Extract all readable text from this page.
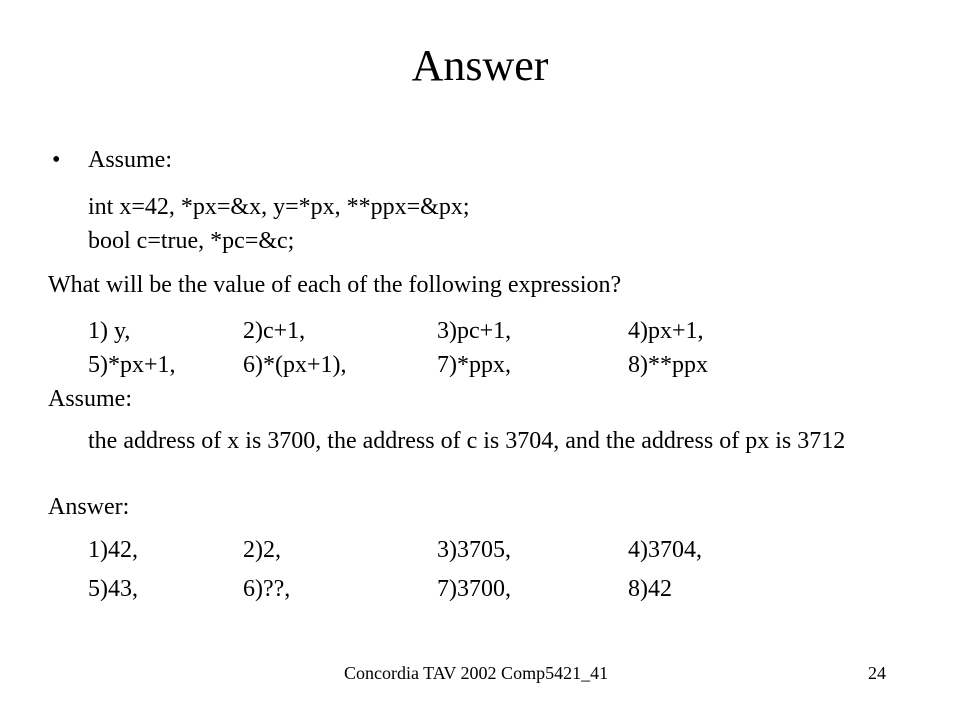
Answer
• Assume:
int x=42, *px=&x, y=*px, **ppx=&px;
bool c=true, *pc=&c;
What will be the value of each of the following expression?
1) y,	2)c+1,	3)pc+1,	4)px+1,
5)*px+1,	6)*(px+1),	7)*ppx,	8)**ppx
Assume:
the address of x is 3700, the address of c is 3704, and the address of px is 3712
Answer:
1)42,	2)2,	3)3705,	4)3704,
5)43,	6)??,	7)3700,	8)42
Concordia TAV 2002 Comp5421_41	24
